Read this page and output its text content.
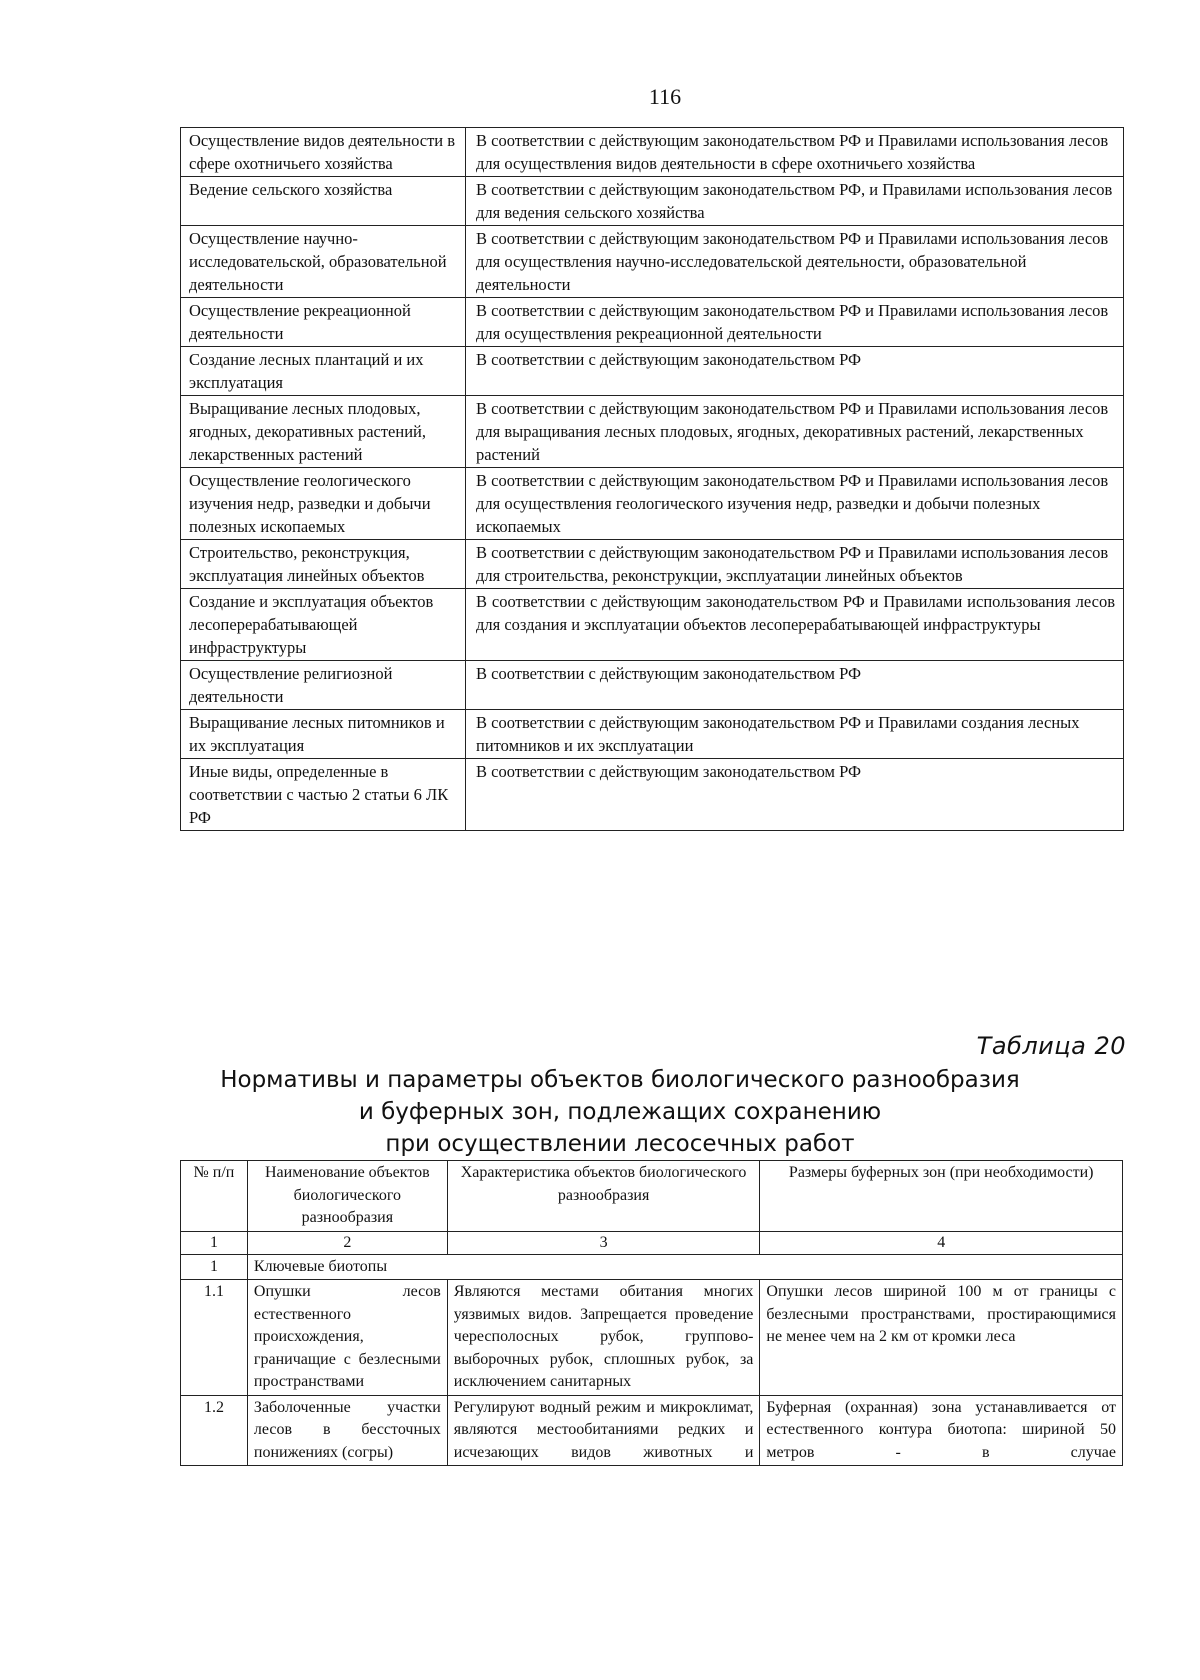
116
Осуществление видов деятельности в сфере охотничьего хозяйства	В соответствии с действующим законодательством РФ и Правилами использования лесов для осуществления видов деятельности в сфере охотничьего хозяйства
Ведение сельского хозяйства	В соответствии с действующим законодательством РФ, и Правилами использования лесов для ведения сельского хозяйства
Осуществление научно-исследовательской, образовательной деятельности	В соответствии с действующим законодательством РФ и Правилами использования лесов для осуществления научно-исследовательской деятельности, образовательной деятельности
Осуществление рекреационной деятельности	В соответствии с действующим законодательством РФ и Правилами использования лесов для осуществления рекреационной деятельности
Создание лесных плантаций и их эксплуатация	В соответствии с действующим законодательством РФ
Выращивание лесных плодовых, ягодных, декоративных растений, лекарственных растений	В соответствии с действующим законодательством РФ и Правилами использования лесов для выращивания лесных плодовых, ягодных, декоративных растений, лекарственных растений
Осуществление геологического изучения недр, разведки и добычи полезных ископаемых	В соответствии с действующим законодательством РФ и Правилами использования лесов для осуществления геологического изучения недр, разведки и добычи полезных ископаемых
Строительство, реконструкция, эксплуатация линейных объектов	В соответствии с действующим законодательством РФ и Правилами использования лесов для строительства, реконструкции, эксплуатации линейных объектов
Создание и эксплуатация объектов лесоперерабатывающей инфраструктуры	В соответствии с действующим законодательством РФ и Правилами использования лесов для создания и эксплуатации объектов лесоперерабатывающей инфраструктуры
Осуществление религиозной деятельности	В соответствии с действующим законодательством РФ
Выращивание лесных питомников и их эксплуатация	В соответствии с действующим законодательством РФ и Правилами создания лесных питомников и их эксплуатации
Иные виды, определенные в соответствии с частью 2 статьи 6 ЛК РФ	В соответствии с действующим законодательством РФ
Таблица 20
Нормативы и параметры объектов биологического разнообразия
и буферных зон, подлежащих сохранению
при осуществлении лесосечных работ
№ п/п	Наименование объектов биологического разнообразия	Характеристика объектов биологического разнообразия	Размеры буферных зон (при необходимости)
1	2	3	4
1	Ключевые биотопы		
1.1	Опушки лесов естественного происхождения, граничащие с безлесными пространствами	Являются местами обитания многих уязвимых видов. Запрещается проведение чересполосных рубок, группово-выборочных рубок, сплошных рубок, за исключением санитарных	Опушки лесов шириной 100 м от границы с безлесными пространствами, простирающимися не менее чем на 2 км от кромки леса
1.2	Заболоченные участки лесов в бессточных понижениях (согры)	Регулируют водный режим и микроклимат, являются местообитаниями редких и исчезающих видов животных и	Буферная (охранная) зона устанавливается от естественного контура биотопа: шириной 50 метров - в случае
